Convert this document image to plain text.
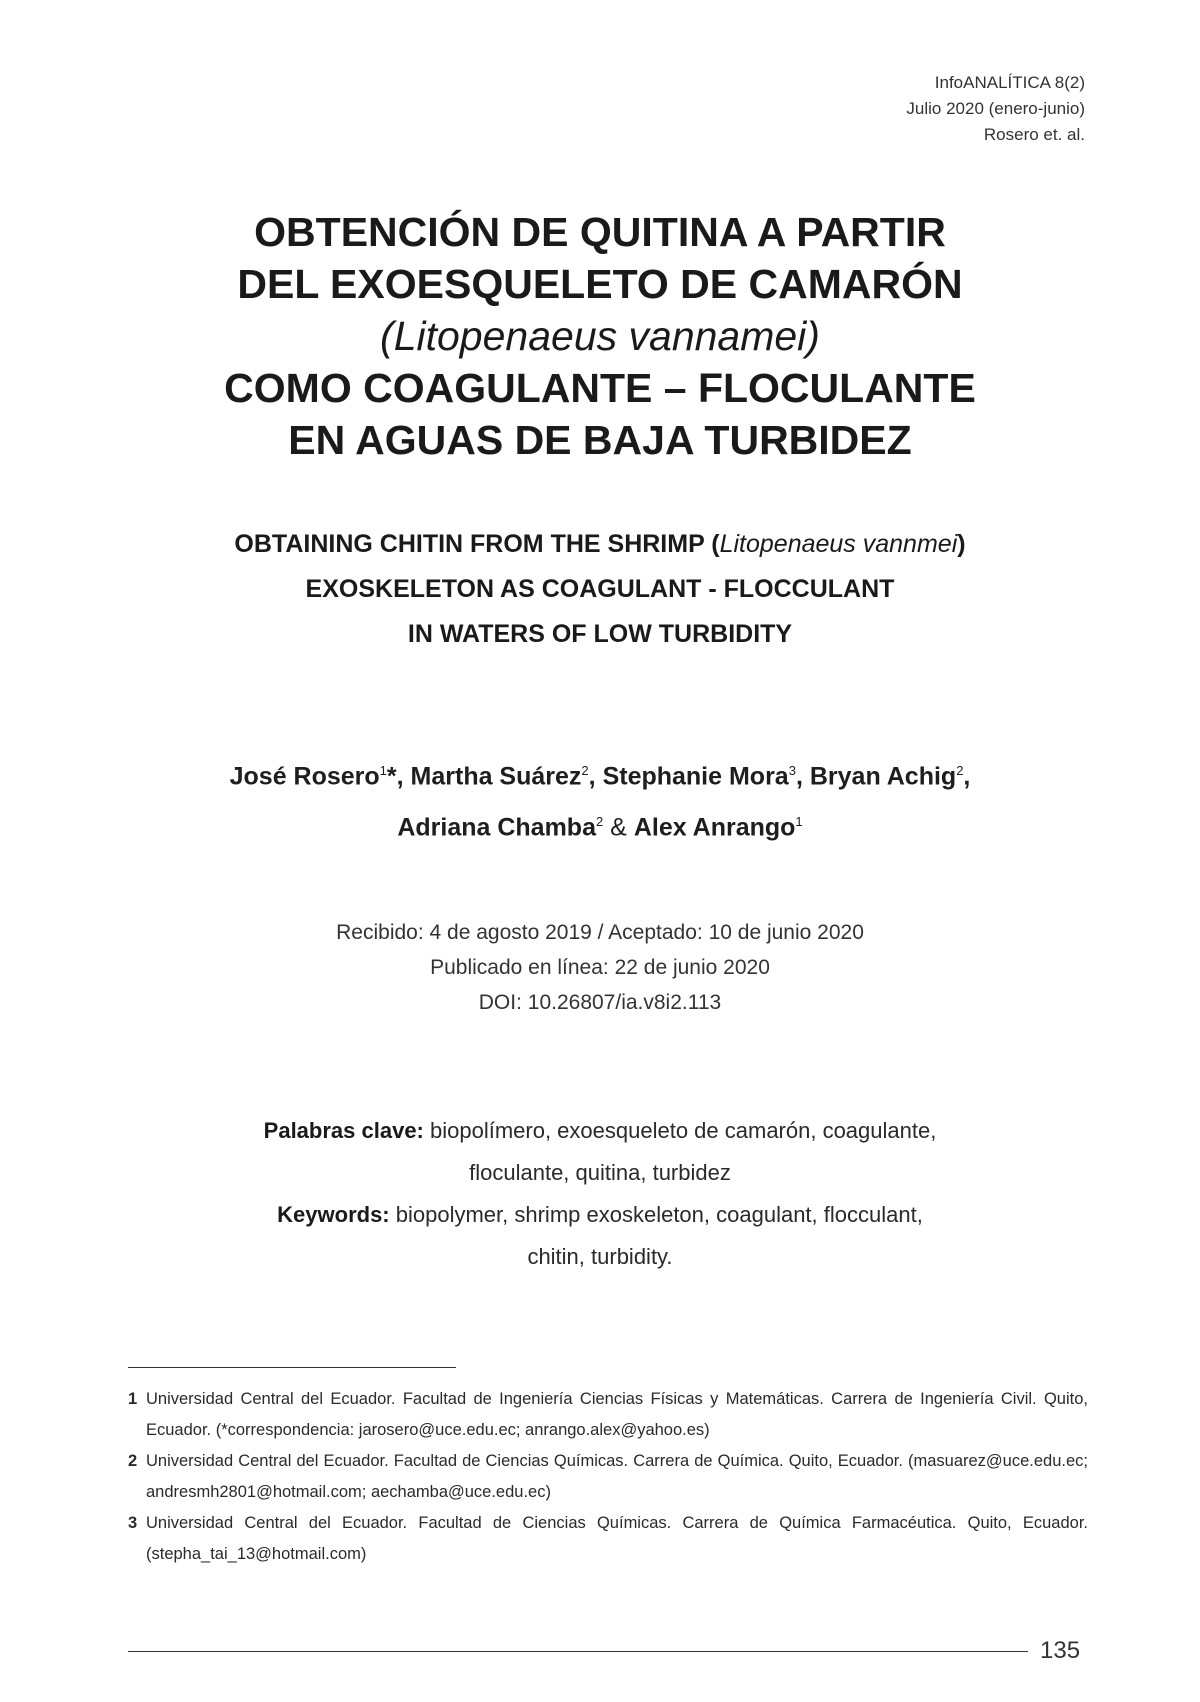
InfoANALÍTICA 8(2)
Julio 2020 (enero-junio)
Rosero et. al.
OBTENCIÓN DE QUITINA A PARTIR
DEL EXOESQUELETO DE CAMARÓN
(Litopenaeus vannamei)
COMO COAGULANTE – FLOCULANTE
EN AGUAS DE BAJA TURBIDEZ
OBTAINING CHITIN FROM THE SHRIMP (Litopenaeus vannmei)
EXOSKELETON AS COAGULANT - FLOCCULANT
IN WATERS OF LOW TURBIDITY
José Rosero$^1$*, Martha Suárez$^2$, Stephanie Mora$^3$, Bryan Achig$^2$,
Adriana Chamba$^2$ & Alex Anrango$^1$
Recibido: 4 de agosto 2019 / Aceptado: 10 de junio 2020
Publicado en línea: 22 de junio 2020
DOI: 10.26807/ia.v8i2.113
Palabras clave: biopolímero, exoesqueleto de camarón, coagulante,
floculante, quitina, turbidez
Keywords: biopolymer, shrimp exoskeleton, coagulant, flocculant,
chitin, turbidity.
1 Universidad Central del Ecuador. Facultad de Ingeniería Ciencias Físicas y Matemáticas. Carrera de Ingeniería Civil. Quito, Ecuador. (*correspondencia: jarosero@uce.edu.ec; anrango.alex@yahoo.es)
2 Universidad Central del Ecuador. Facultad de Ciencias Químicas. Carrera de Química. Quito, Ecuador. (masuarez@uce.edu.ec; andresmh2801@hotmail.com; aechamba@uce.edu.ec)
3 Universidad Central del Ecuador. Facultad de Ciencias Químicas. Carrera de Química Farmacéutica. Quito, Ecuador. (stepha_tai_13@hotmail.com)
135
